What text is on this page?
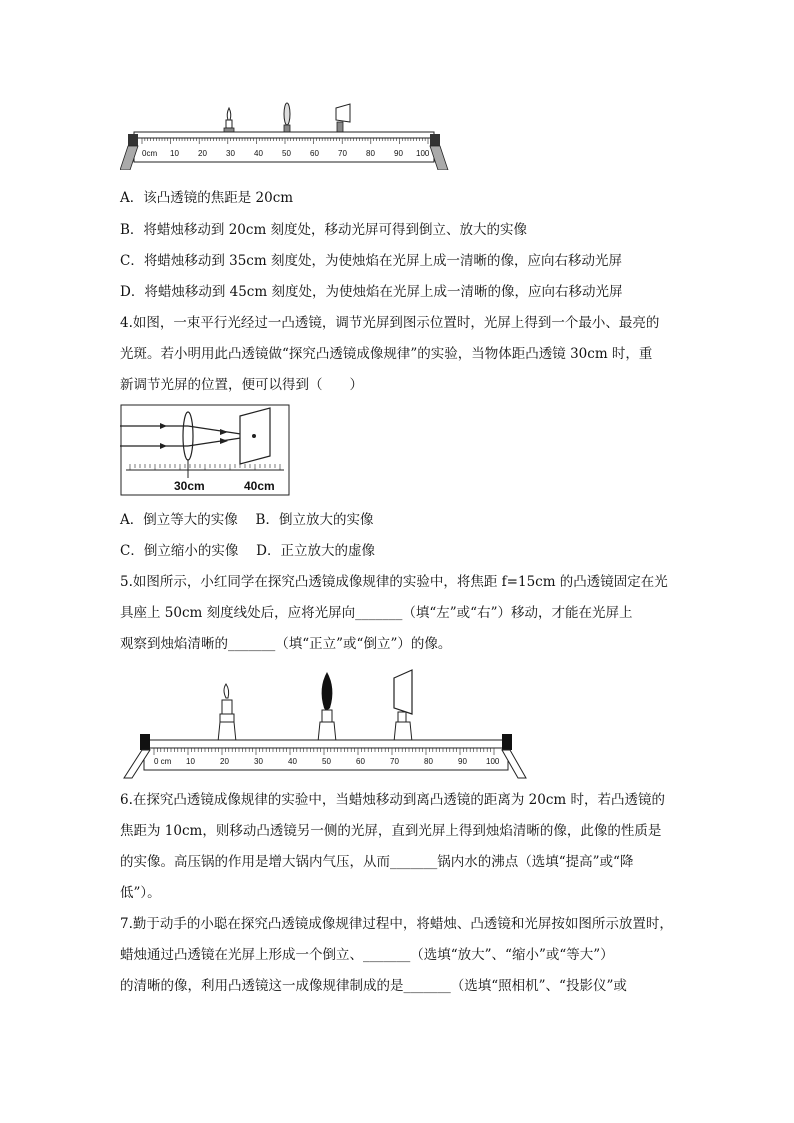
0cm 10 20 30 40 50 60 70 80 90 100
A．该凸透镜的焦距是 20cm
B．将蜡烛移动到 20cm 刻度处，移动光屏可得到倒立、放大的实像
C．将蜡烛移动到 35cm 刻度处，为使烛焰在光屏上成一清晰的像，应向右移动光屏
D．将蜡烛移动到 45cm 刻度处，为使烛焰在光屏上成一清晰的像，应向右移动光屏
4.如图，一束平行光经过一凸透镜，调节光屏到图示位置时，光屏上得到一个最小、最亮的
光斑。若小明用此凸透镜做“探究凸透镜成像规律”的实验，当物体距凸透镜 30cm 时，重
新调节光屏的位置，便可以得到（　　）
30cm	40cm
A．倒立等大的实像　 B．倒立放大的实像
C．倒立缩小的实像　 D．正立放大的虚像
5.如图所示，小红同学在探究凸透镜成像规律的实验中，将焦距 f=15cm 的凸透镜固定在光
具座上 50cm 刻度线处后，应将光屏向_______（填“左”或“右”）移动，才能在光屏上
观察到烛焰清晰的_______（填“正立”或“倒立”）的像。
0 cm 10	20	30	40	50	60	70	80	90 100
6.在探究凸透镜成像规律的实验中，当蜡烛移动到离凸透镜的距离为 20cm 时，若凸透镜的
焦距为 10cm，则移动凸透镜另一侧的光屏，直到光屏上得到烛焰清晰的像，此像的性质是
的实像。高压锅的作用是增大锅内气压，从而_______锅内水的沸点（选填“提高”或“降
低”）。
7.勤于动手的小聪在探究凸透镜成像规律过程中，将蜡烛、凸透镜和光屏按如图所示放置时，
蜡烛通过凸透镜在光屏上形成一个倒立、_______（选填“放大”、“缩小”或“等大”）
的清晰的像，利用凸透镜这一成像规律制成的是_______（选填“照相机”、“投影仪”或
